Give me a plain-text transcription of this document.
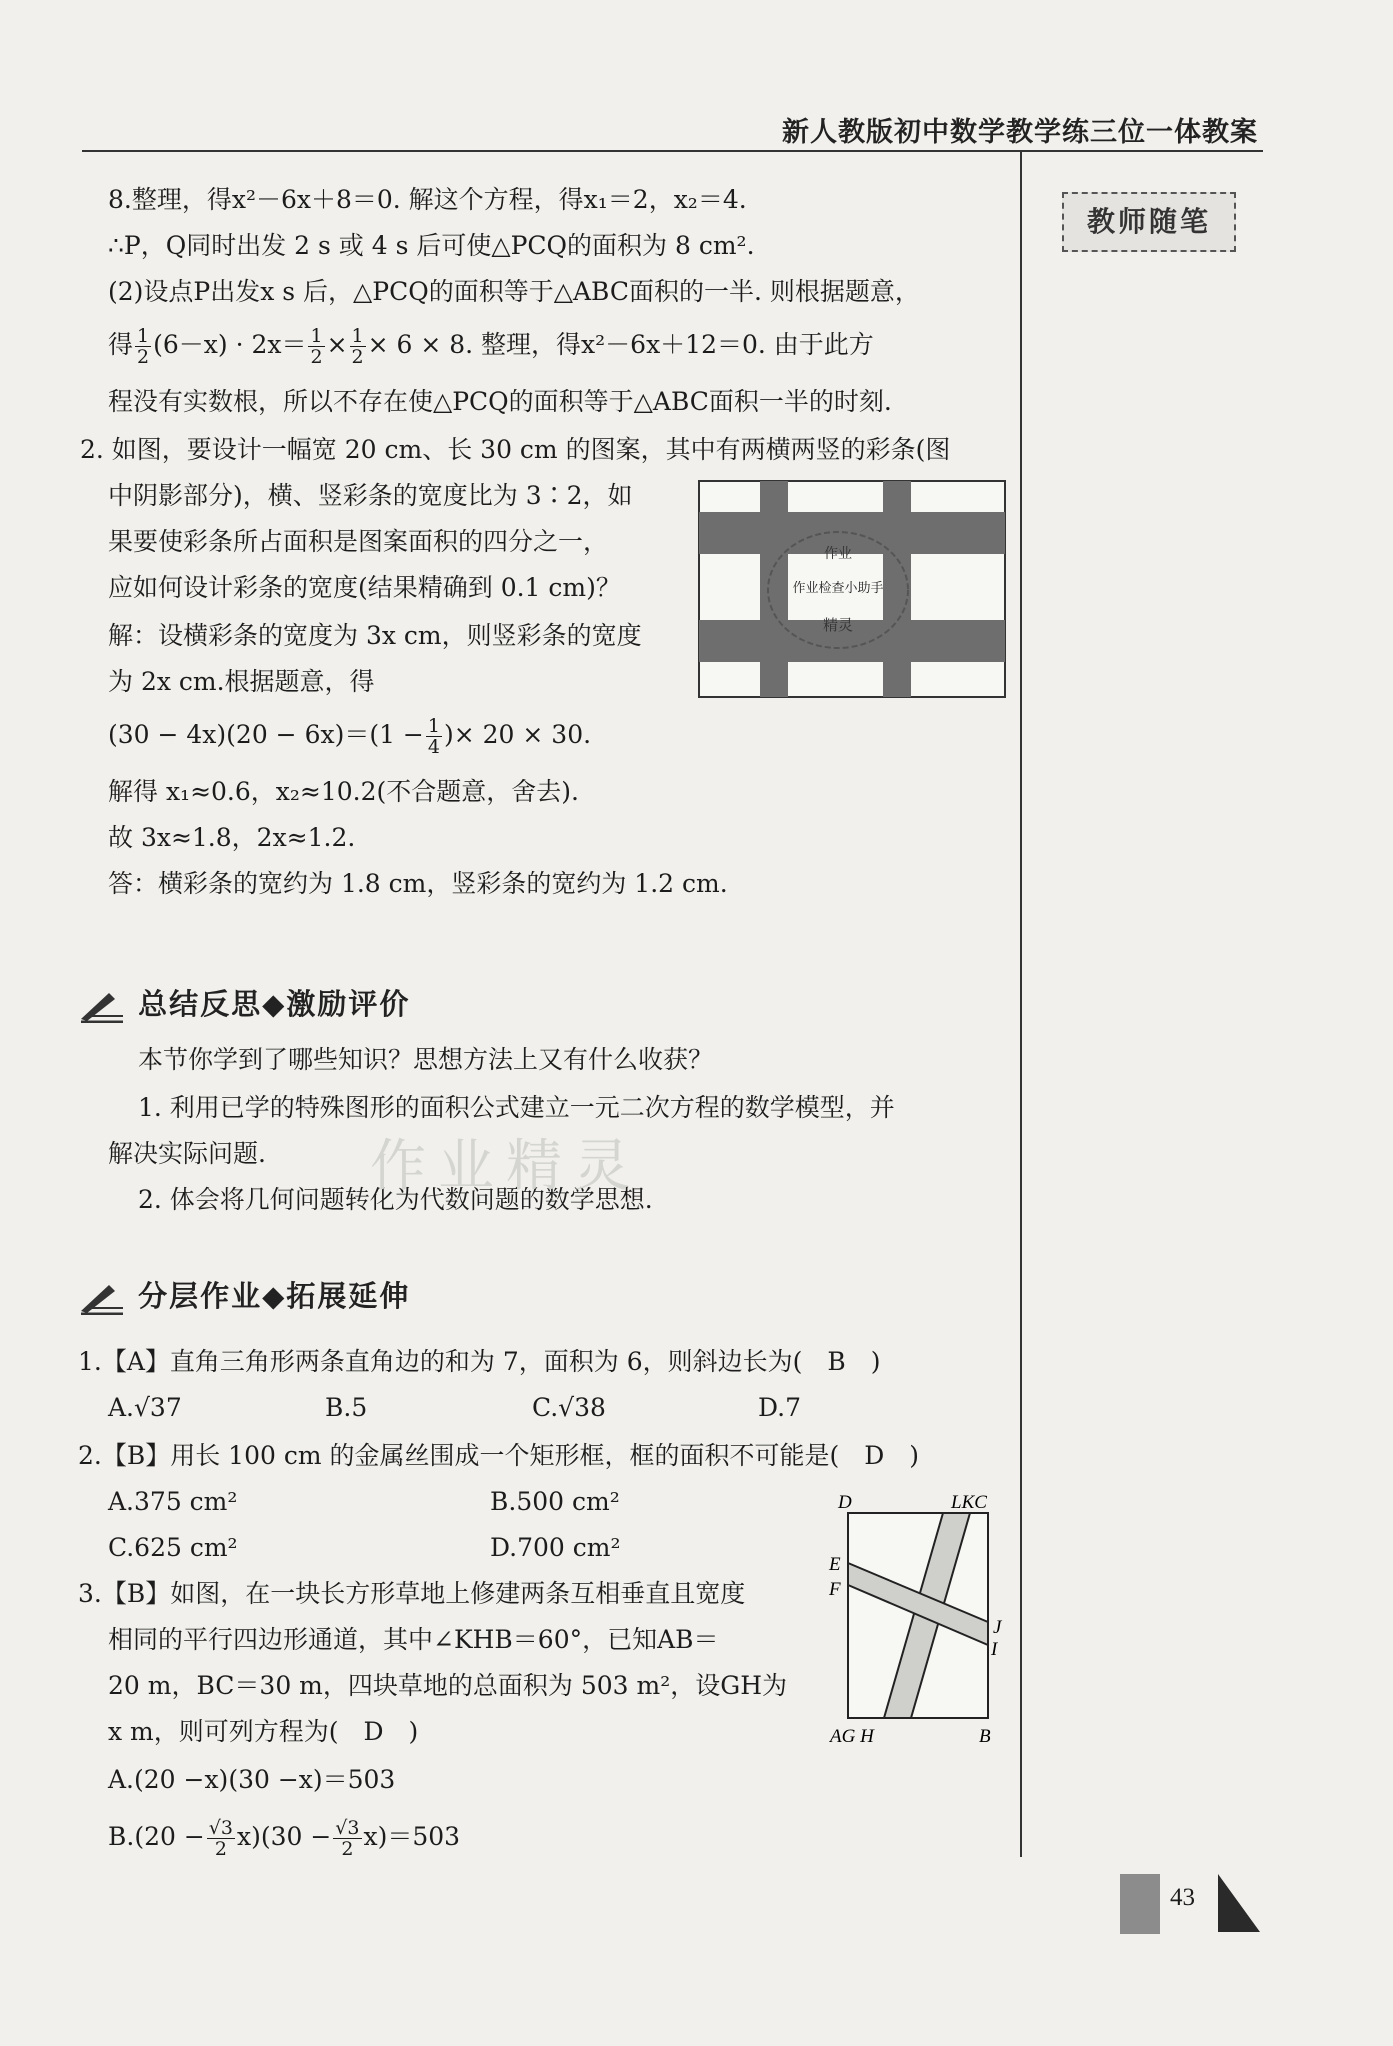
新人教版初中数学教学练三位一体教案
教师随笔
8.整理，得x²－6x＋8＝0. 解这个方程，得x₁＝2，x₂＝4.
∴P，Q同时出发 2 s 或 4 s 后可使△PCQ的面积为 8 cm².
(2)设点P出发x s 后，△PCQ的面积等于△ABC面积的一半. 则根据题意，
得 $\frac{1}{2} (6-x) \cdot 2x= \frac{1}{2} \times \frac{1}{2} \times 6 \times 8$. 整理，得x²－6x＋12＝0. 由于此方
程没有实数根，所以不存在使△PCQ的面积等于△ABC面积一半的时刻.
2. 如图，要设计一幅宽 20 cm、长 30 cm 的图案，其中有两横两竖的彩条(图
中阴影部分)，横、竖彩条的宽度比为 3∶2，如
果要使彩条所占面积是图案面积的四分之一，
应如何设计彩条的宽度(结果精确到 0.1 cm)？
解：设横彩条的宽度为 3x cm，则竖彩条的宽度
为 2x cm.根据题意，得
$(30 - 4x)(20 - 6x)=(1 - \frac{1}{4}$ )× 20 × 30.
解得 x₁≈0.6，x₂≈10.2(不合题意，舍去).
故 3x≈1.8，2x≈1.2.
答：横彩条的宽约为 1.8 cm，竖彩条的宽约为 1.2 cm.
作业
作业检查小助手
精灵
总结反思◆激励评价
本节你学到了哪些知识？思想方法上又有什么收获？
1. 利用已学的特殊图形的面积公式建立一元二次方程的数学模型，并
解决实际问题.
2. 体会将几何问题转化为代数问题的数学思想.
分层作业◆拓展延伸
1.【A】直角三角形两条直角边的和为 7，面积为 6，则斜边长为(　B　)
A.√37	B.5	C.√38	D.7
2.【B】用长 100 cm 的金属丝围成一个矩形框，框的面积不可能是(　D　)
A.375 cm²	B.500 cm²
C.625 cm²	D.700 cm²
3.【B】如图，在一块长方形草地上修建两条互相垂直且宽度
相同的平行四边形通道，其中∠KHB＝60°，已知AB＝
20 m，BC＝30 m，四块草地的总面积为 503 m²，设GH为
x m，则可列方程为(　D　)
A.(20 −x)(30 −x)＝503
$B.(20 - \frac{√3}{2} x)(30 - \frac{√3}{2} x)=503$
D	LKC
E
F
J
I
AG H	B
作业精灵
43
